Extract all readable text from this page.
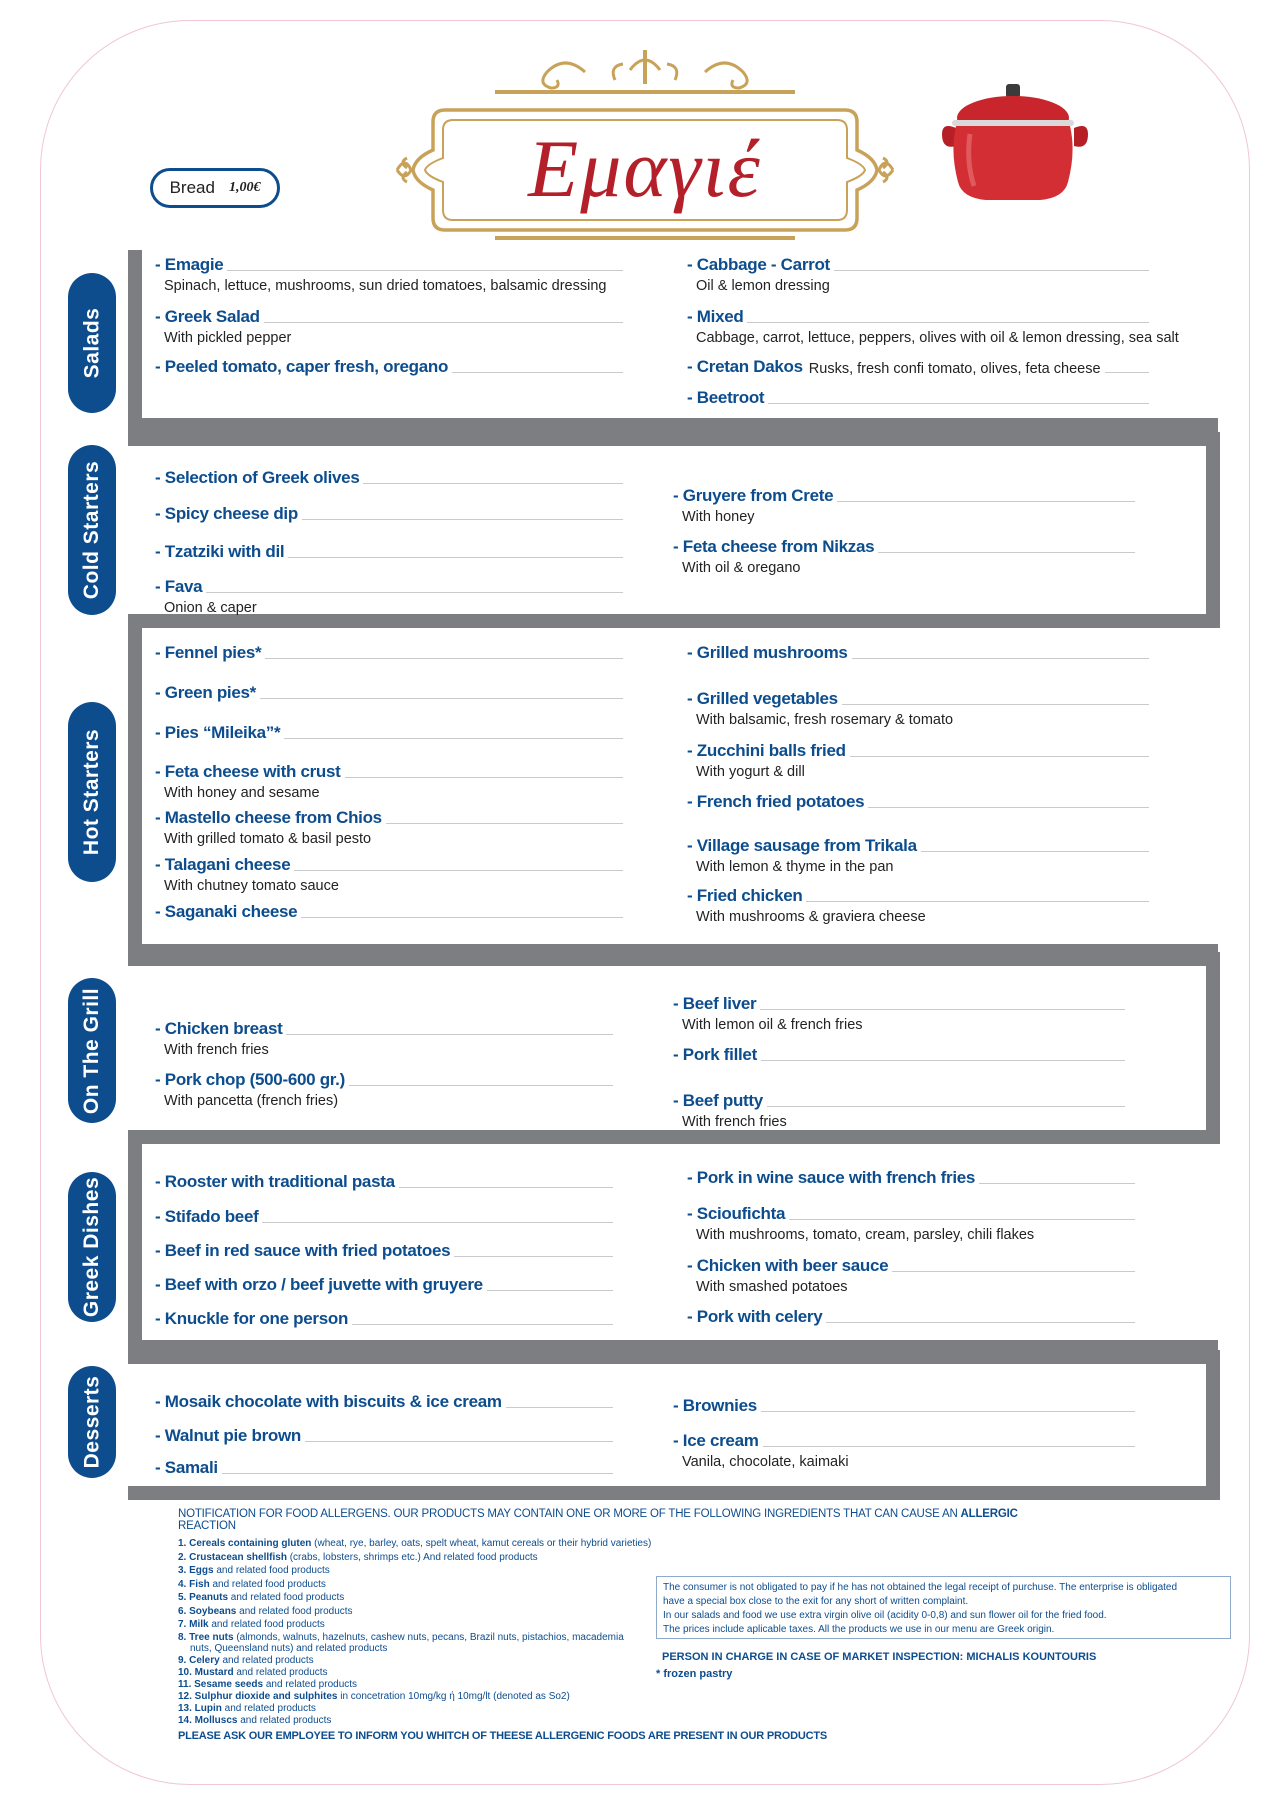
Bread 1,00€	Εμαγιέ
- Emagie
Spinach, lettuce, mushrooms, sun dried tomatoes, balsamic dressing
- Greek Salad
With pickled pepper
- Peeled tomato, caper fresh, oregano
- Cabbage - Carrot
Oil & lemon dressing
- Mixed
Cabbage, carrot, lettuce, peppers, olives with oil & lemon dressing, sea salt
- Cretan Dakos Rusks, fresh confi tomato, olives, feta cheese
- Beetroot
Salads
- Selection of Greek olives
- Spicy cheese dip
- Tzatziki with dil
- Fava
Onion & caper
- Gruyere from Crete
With honey
- Feta cheese from Nikzas
With oil & oregano
Cold Starters
- Fennel pies*
- Green pies*
- Pies “Mileika”*
- Feta cheese with crust
With honey and sesame
- Mastello cheese from Chios
With grilled tomato & basil pesto
- Talagani cheese
With chutney tomato sauce
- Saganaki cheese
- Grilled mushrooms
- Grilled vegetables
With balsamic, fresh rosemary & tomato
- Zucchini balls fried
With yogurt & dill
- French fried potatoes
- Village sausage from Trikala
With lemon & thyme in the pan
- Fried chicken
With mushrooms & graviera cheese
Hot Starters
- Chicken breast
With french fries
- Pork chop (500-600 gr.)
With pancetta (french fries)
- Beef liver
With lemon oil & french fries
- Pork fillet
- Beef putty
With french fries
On The Grill
- Rooster with traditional pasta
- Stifado beef
- Beef in red sauce with fried potatoes
- Beef with orzo / beef juvette with gruyere
- Knuckle for one person
- Pork in wine sauce with french fries
- Scioufichta
With mushrooms, tomato, cream, parsley, chili flakes
- Chicken with beer sauce
With smashed potatoes
- Pork with celery
Greek Dishes
- Mosaik chocolate with biscuits & ice cream
- Walnut pie brown
- Samali
- Brownies
- Ice cream
Vanila, chocolate, kaimaki
Desserts
NOTIFICATION FOR FOOD ALLERGENS. OUR PRODUCTS MAY CONTAIN ONE OR MORE OF THE FOLLOWING INGREDIENTS THAT CAN CAUSE AN ALLERGIC REACTION
1. Cereals containing gluten (wheat, rye, barley, oats, spelt wheat, kamut cereals or their hybrid varieties)
2. Crustacean shellfish (crabs, lobsters, shrimps etc.) And related food products
3. Eggs and related food products
4. Fish and related food products
5. Peanuts and related food products
6. Soybeans and related food products
7. Milk and related food products
8. Tree nuts (almonds, walnuts, hazelnuts, cashew nuts, pecans, Brazil nuts, pistachios, macademia
nuts, Queensland nuts) and related products
9. Celery and related products
10. Mustard and related products
11. Sesame seeds and related products
12. Sulphur dioxide and sulphites in concetration 10mg/kg ή 10mg/lt (denoted as So2)
13. Lupin and related products
14. Molluscs and related products
PLEASE ASK OUR EMPLOYEE TO INFORM YOU WHITCH OF THEESE ALLERGENIC FOODS ARE PRESENT IN OUR PRODUCTS
The consumer is not obligated to pay if he has not obtained the legal receipt of purchuse. The enterprise is obligated
have a special box close to the exit for any short of written complaint.
In our salads and food we use extra virgin olive oil (acidity 0-0,8) and sun flower oil for the fried food.
The prices include aplicable taxes. All the products we use in our menu are Greek origin.
PERSON IN CHARGE IN CASE OF MARKET INSPECTION: MICHALIS KOUNTOURIS
* frozen pastry
